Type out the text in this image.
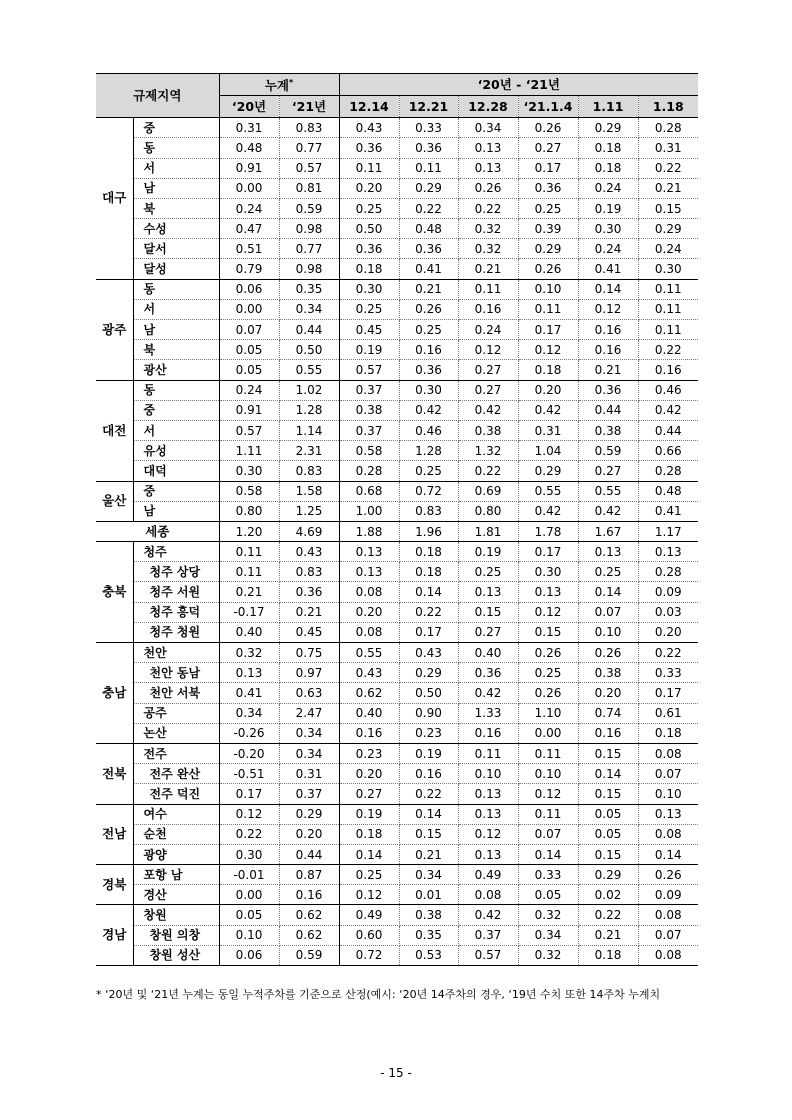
규제지역		누계*		‘20년 - ‘21년					
		‘20년	‘21년	12.14	12.21	12.28	‘21.1.4	1.11	1.18
대구	중	0.31	0.83	0.43	0.33	0.34	0.26	0.29	0.28
	동	0.48	0.77	0.36	0.36	0.13	0.27	0.18	0.31
	서	0.91	0.57	0.11	0.11	0.13	0.17	0.18	0.22
	남	0.00	0.81	0.20	0.29	0.26	0.36	0.24	0.21
	북	0.24	0.59	0.25	0.22	0.22	0.25	0.19	0.15
	수성	0.47	0.98	0.50	0.48	0.32	0.39	0.30	0.29
	달서	0.51	0.77	0.36	0.36	0.32	0.29	0.24	0.24
	달성	0.79	0.98	0.18	0.41	0.21	0.26	0.41	0.30
광주	동	0.06	0.35	0.30	0.21	0.11	0.10	0.14	0.11
	서	0.00	0.34	0.25	0.26	0.16	0.11	0.12	0.11
	남	0.07	0.44	0.45	0.25	0.24	0.17	0.16	0.11
	북	0.05	0.50	0.19	0.16	0.12	0.12	0.16	0.22
	광산	0.05	0.55	0.57	0.36	0.27	0.18	0.21	0.16
대전	동	0.24	1.02	0.37	0.30	0.27	0.20	0.36	0.46
	중	0.91	1.28	0.38	0.42	0.42	0.42	0.44	0.42
	서	0.57	1.14	0.37	0.46	0.38	0.31	0.38	0.44
	유성	1.11	2.31	0.58	1.28	1.32	1.04	0.59	0.66
	대덕	0.30	0.83	0.28	0.25	0.22	0.29	0.27	0.28
울산	중	0.58	1.58	0.68	0.72	0.69	0.55	0.55	0.48
	남	0.80	1.25	1.00	0.83	0.80	0.42	0.42	0.41
세종		1.20	4.69	1.88	1.96	1.81	1.78	1.67	1.17
충북	청주	0.11	0.43	0.13	0.18	0.19	0.17	0.13	0.13
	청주 상당	0.11	0.83	0.13	0.18	0.25	0.30	0.25	0.28
	청주 서원	0.21	0.36	0.08	0.14	0.13	0.13	0.14	0.09
	청주 흥덕	-0.17	0.21	0.20	0.22	0.15	0.12	0.07	0.03
	청주 청원	0.40	0.45	0.08	0.17	0.27	0.15	0.10	0.20
충남	천안	0.32	0.75	0.55	0.43	0.40	0.26	0.26	0.22
	천안 동남	0.13	0.97	0.43	0.29	0.36	0.25	0.38	0.33
	천안 서북	0.41	0.63	0.62	0.50	0.42	0.26	0.20	0.17
	공주	0.34	2.47	0.40	0.90	1.33	1.10	0.74	0.61
	논산	-0.26	0.34	0.16	0.23	0.16	0.00	0.16	0.18
전북	전주	-0.20	0.34	0.23	0.19	0.11	0.11	0.15	0.08
	전주 완산	-0.51	0.31	0.20	0.16	0.10	0.10	0.14	0.07
	전주 덕진	0.17	0.37	0.27	0.22	0.13	0.12	0.15	0.10
전남	여수	0.12	0.29	0.19	0.14	0.13	0.11	0.05	0.13
	순천	0.22	0.20	0.18	0.15	0.12	0.07	0.05	0.08
	광양	0.30	0.44	0.14	0.21	0.13	0.14	0.15	0.14
경북	포항 남	-0.01	0.87	0.25	0.34	0.49	0.33	0.29	0.26
	경산	0.00	0.16	0.12	0.01	0.08	0.05	0.02	0.09
경남	창원	0.05	0.62	0.49	0.38	0.42	0.32	0.22	0.08
	창원 의창	0.10	0.62	0.60	0.35	0.37	0.34	0.21	0.07
	창원 성산	0.06	0.59	0.72	0.53	0.57	0.32	0.18	0.08
* ‘20년 및 ‘21년 누계는 동일 누적주차를 기준으로 산정(예시: ‘20년 14주차의 경우, ‘19년 수치 또한 14주차 누계치
- 15 -
